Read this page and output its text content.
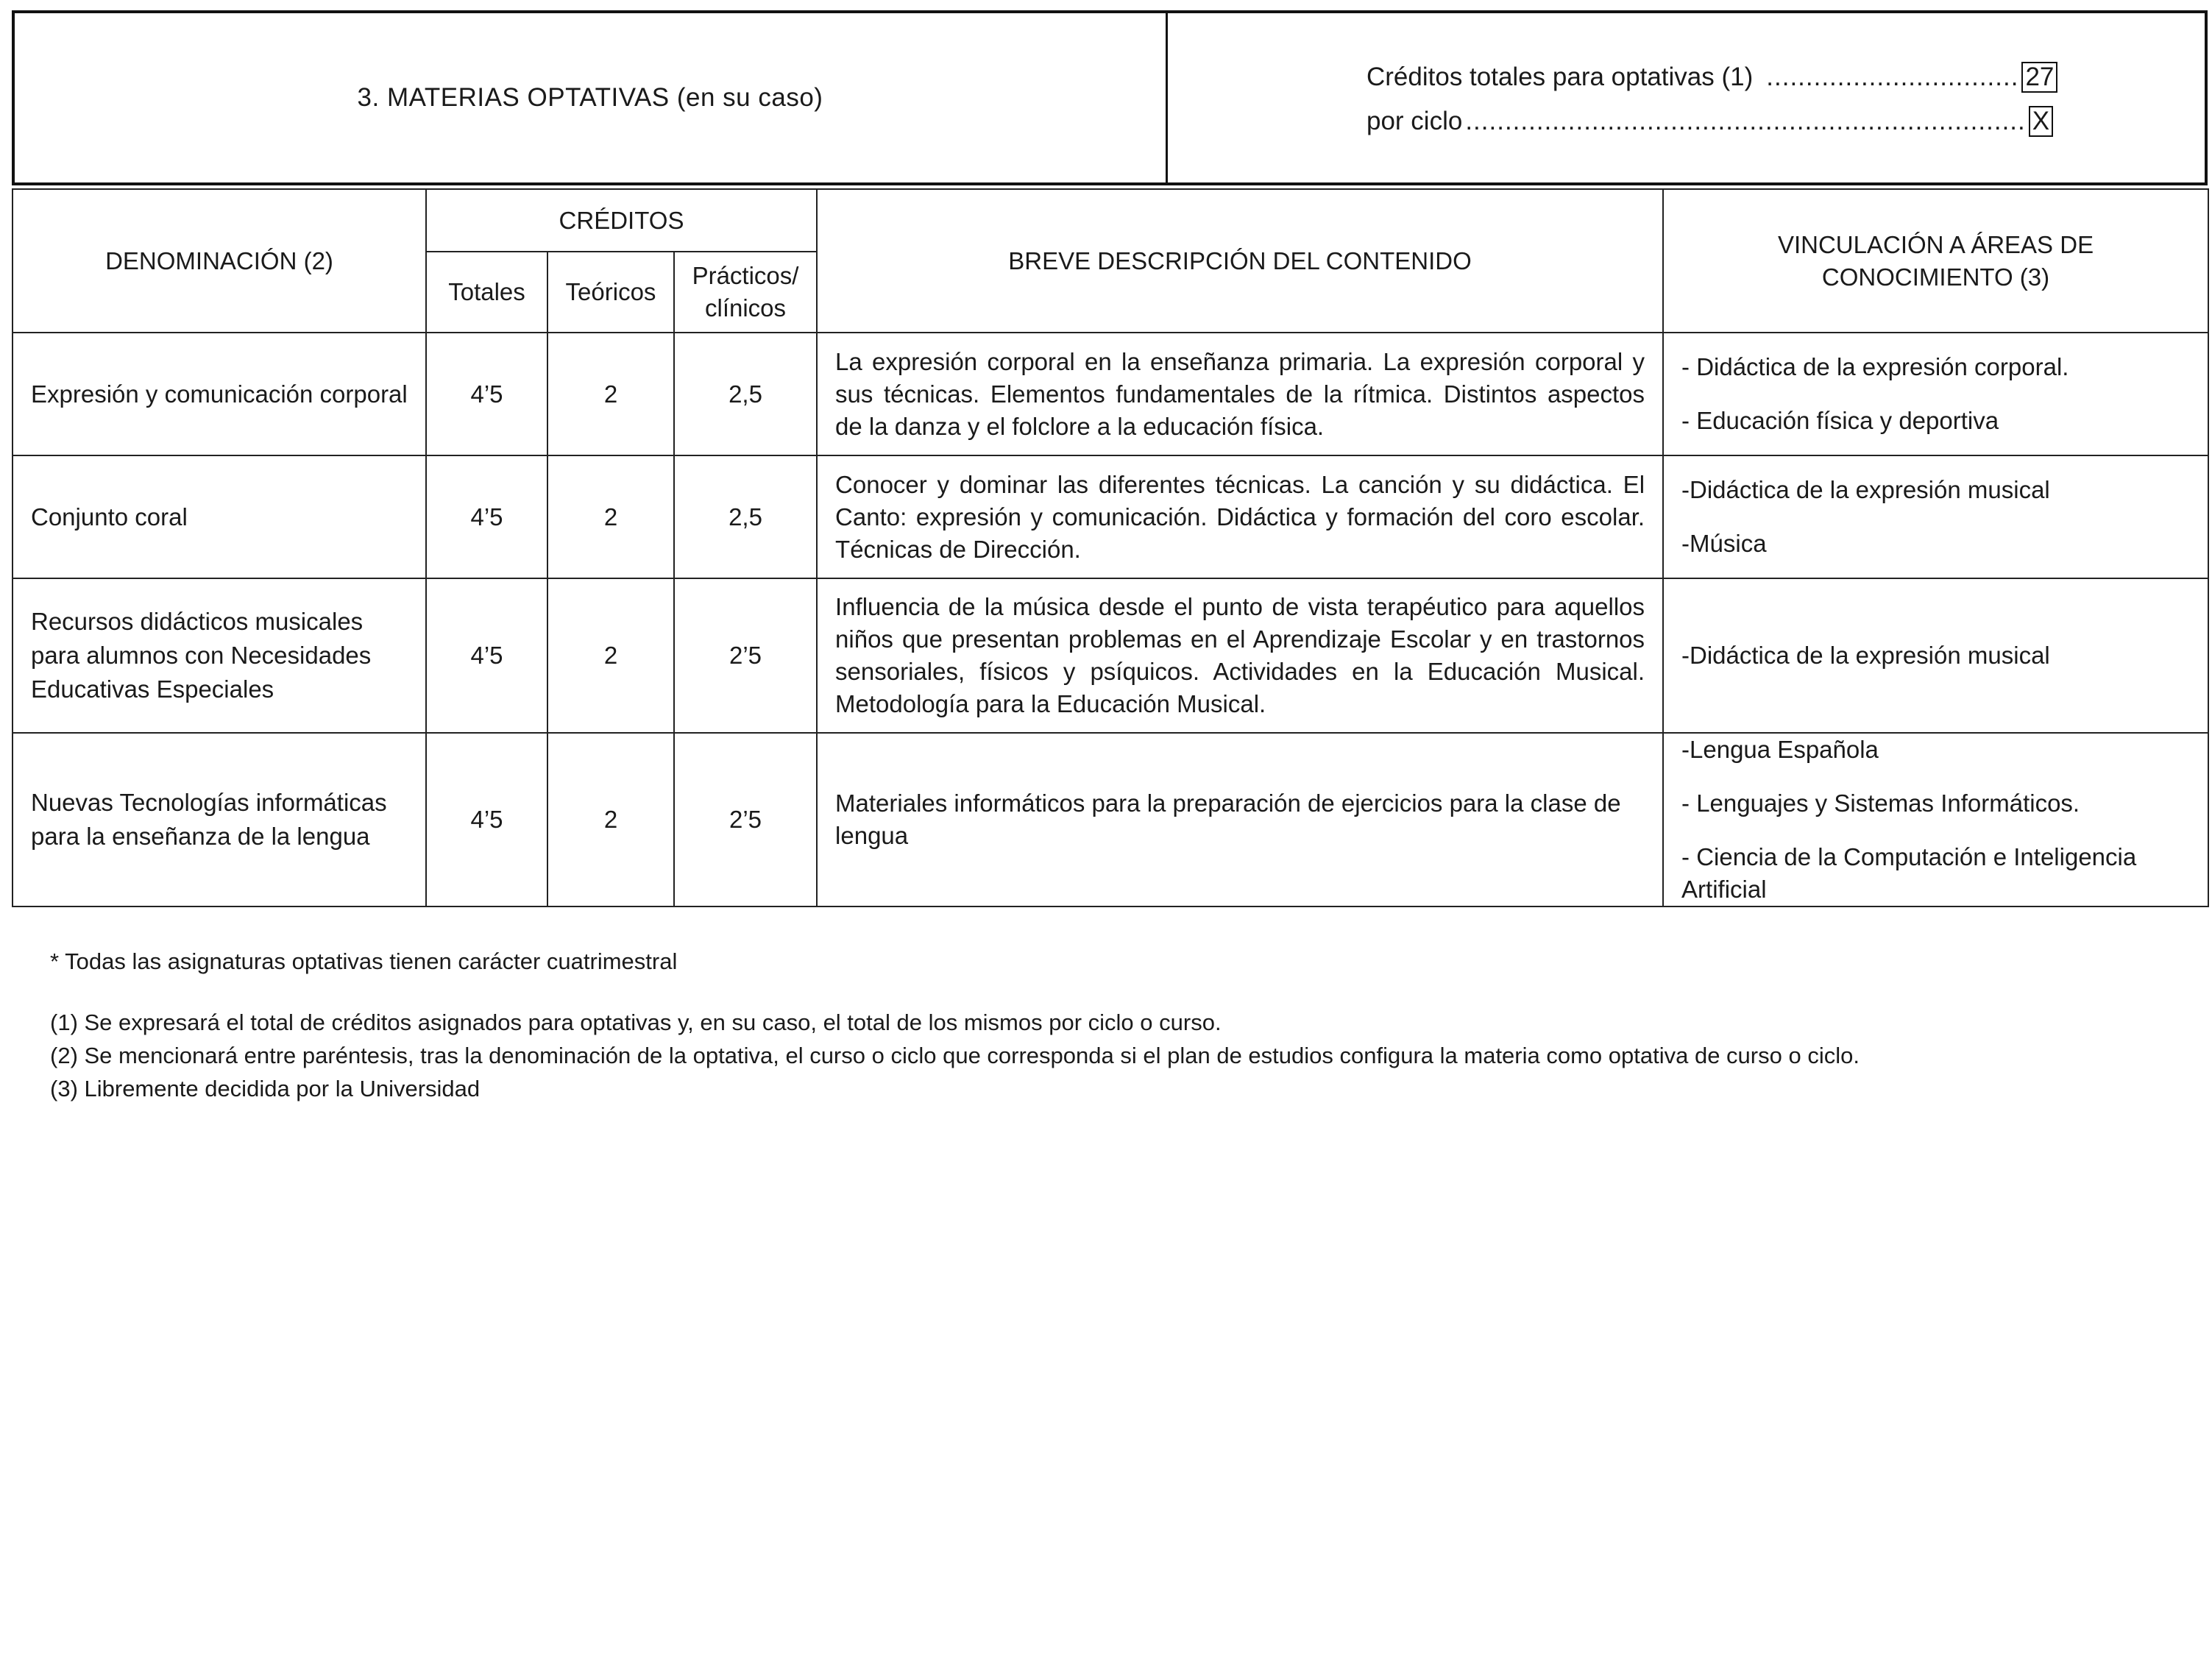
3. MATERIAS OPTATIVAS (en su caso)
Créditos totales para optativas (1) ................................ 27
por ciclo ....................................................................... X
DENOMINACIÓN (2)	CRÉDITOS			BREVE DESCRIPCIÓN DEL CONTENIDO	VINCULACIÓN A ÁREAS DE CONOCIMIENTO (3)
	Totales	Teóricos	Prácticos/ clínicos		
Expresión y comunicación corporal	4’5	2	2,5	La expresión corporal en la enseñanza primaria. La expresión corporal y sus técnicas. Elementos fundamentales de la rítmica. Distintos aspectos de la danza y el folclore a la educación física.	- Didáctica de la expresión corporal.
- Educación física y deportiva

Conjunto coral	4’5	2	2,5	Conocer y dominar las diferentes técnicas. La canción y su didáctica. El Canto: expresión y comunicación. Didáctica y formación del coro escolar. Técnicas de Dirección.	-Didáctica de la expresión musical
-Música

Recursos didácticos musicales para alumnos con Necesidades Educativas Especiales	4’5	2	2’5	Influencia de la música desde el punto de vista terapéutico para aquellos niños que presentan problemas en el Aprendizaje Escolar y en trastornos sensoriales, físicos y psíquicos. Actividades en la Educación Musical. Metodología para la Educación Musical.	-Didáctica de la expresión musical

Nuevas Tecnologías informáticas para la enseñanza de la lengua	4’5	2	2’5	Materiales informáticos para la preparación de ejercicios para la clase de lengua	-Lengua Española
- Lenguajes y Sistemas Informáticos.
- Ciencia de la Computación e Inteligencia Artificial
* Todas las asignaturas optativas tienen carácter cuatrimestral
(1) Se expresará el total de créditos asignados para optativas y, en su caso, el total de los mismos por ciclo o curso.
(2) Se mencionará entre paréntesis, tras la denominación de la optativa, el curso o ciclo que corresponda si el plan de estudios configura la materia como optativa de curso o ciclo.
(3) Libremente decidida por la Universidad
